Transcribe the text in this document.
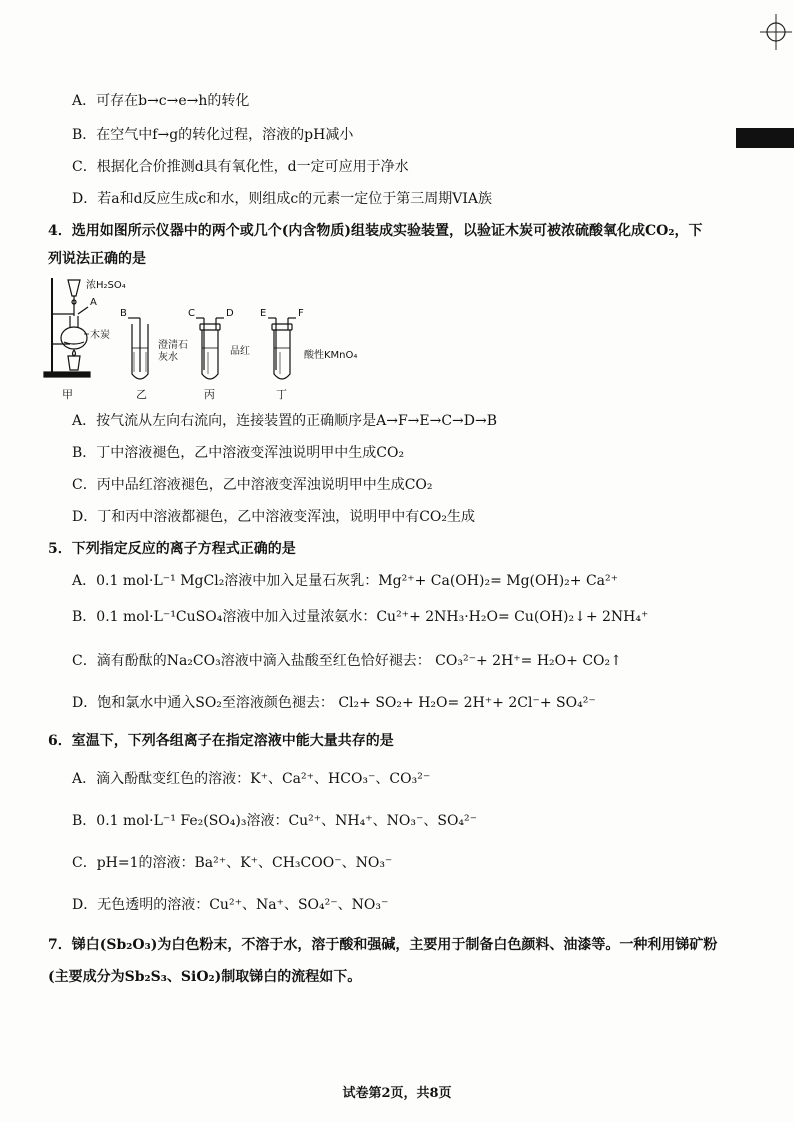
A．可存在b→c→e→h的转化
B．在空气中f→g的转化过程，溶液的pH减小
C．根据化合价推测d具有氧化性，d一定可应用于净水
D．若a和d反应生成c和水，则组成c的元素一定位于第三周期VIA族
4．选用如图所示仪器中的两个或几个(内含物质)组装成实验装置，以验证木炭可被浓硫酸氧化成CO₂，下
列说法正确的是
浓H₂SO₄
A
木炭
B
澄清石
灰水
C	D
品红
E	F
酸性KMnO₄
甲	乙	丙	丁
A．按气流从左向右流向，连接装置的正确顺序是A→F→E→C→D→B
B．丁中溶液褪色，乙中溶液变浑浊说明甲中生成CO₂
C．丙中品红溶液褪色，乙中溶液变浑浊说明甲中生成CO₂
D．丁和丙中溶液都褪色，乙中溶液变浑浊，说明甲中有CO₂生成
5．下列指定反应的离子方程式正确的是
A．0.1 mol·L⁻¹ MgCl₂溶液中加入足量石灰乳：Mg²⁺+ Ca(OH)₂= Mg(OH)₂+ Ca²⁺
B．0.1 mol·L⁻¹CuSO₄溶液中加入过量浓氨水：Cu²⁺+ 2NH₃·H₂O= Cu(OH)₂↓+ 2NH₄⁺
C．滴有酚酞的Na₂CO₃溶液中滴入盐酸至红色恰好褪去： CO₃²⁻+ 2H⁺= H₂O+ CO₂↑
D．饱和氯水中通入SO₂至溶液颜色褪去： Cl₂+ SO₂+ H₂O= 2H⁺+ 2Cl⁻+ SO₄²⁻
6．室温下，下列各组离子在指定溶液中能大量共存的是
A．滴入酚酞变红色的溶液：K⁺、Ca²⁺、HCO₃⁻、CO₃²⁻
B．0.1 mol·L⁻¹ Fe₂(SO₄)₃溶液：Cu²⁺、NH₄⁺、NO₃⁻、SO₄²⁻
C．pH=1的溶液：Ba²⁺、K⁺、CH₃COO⁻、NO₃⁻
D．无色透明的溶液：Cu²⁺、Na⁺、SO₄²⁻、NO₃⁻
7．锑白(Sb₂O₃)为白色粉末，不溶于水，溶于酸和强碱，主要用于制备白色颜料、油漆等。一种利用锑矿粉
(主要成分为Sb₂S₃、SiO₂)制取锑白的流程如下。
试卷第2页，共8页
